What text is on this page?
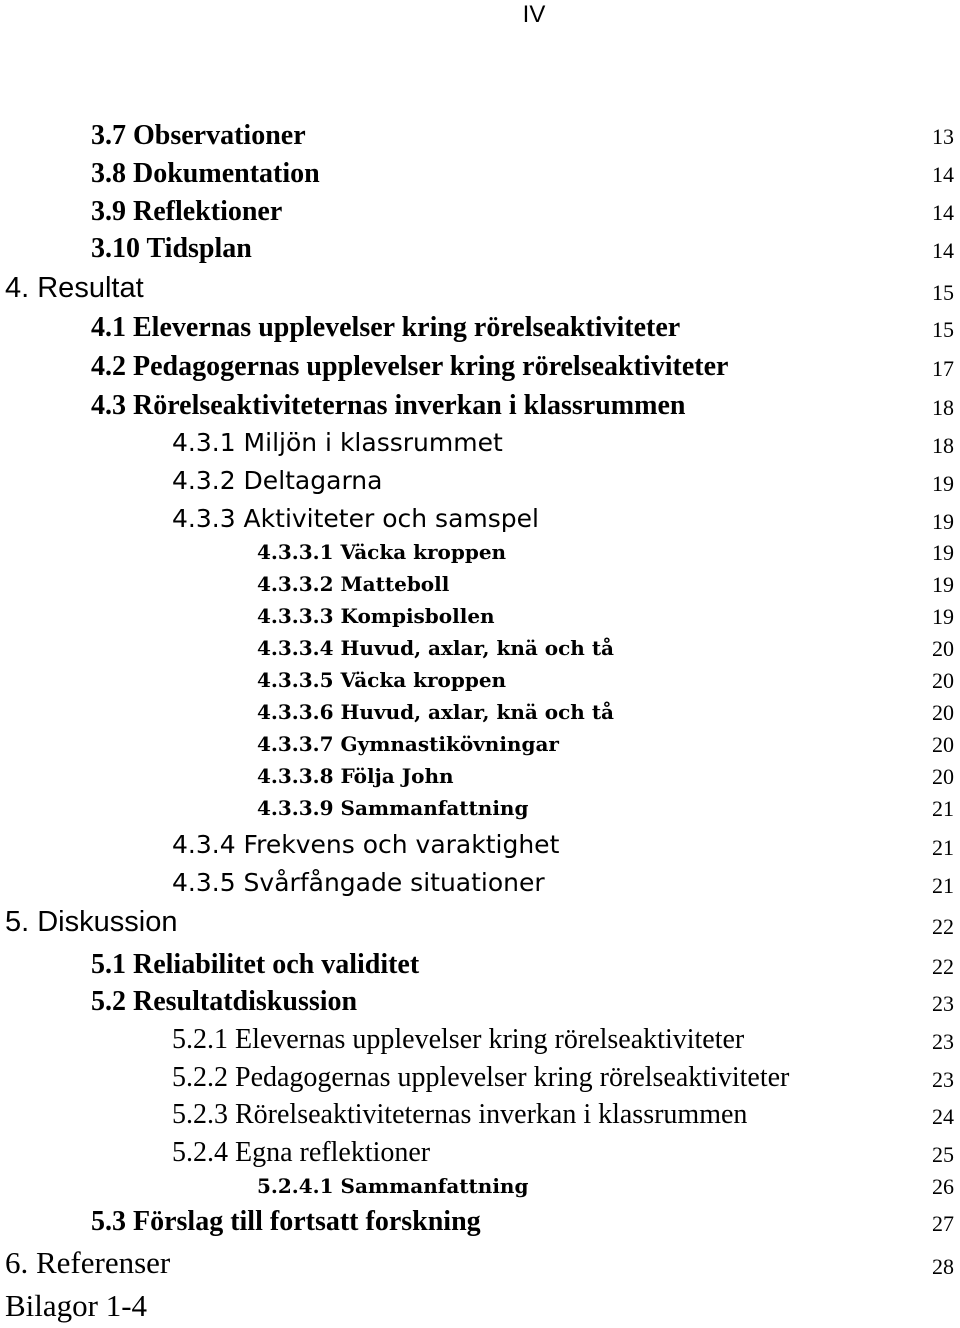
IV
3.7 Observationer	13
3.8 Dokumentation	14
3.9 Reflektioner	14
3.10 Tidsplan	14
4. Resultat	15
4.1 Elevernas upplevelser kring rörelseaktiviteter	15
4.2 Pedagogernas upplevelser kring rörelseaktiviteter	17
4.3 Rörelseaktiviteternas inverkan i klassrummen	18
4.3.1 Miljön i klassrummet	18
4.3.2 Deltagarna	19
4.3.3 Aktiviteter och samspel	19
4.3.3.1 Väcka kroppen	19
4.3.3.2 Matteboll	19
4.3.3.3 Kompisbollen	19
4.3.3.4 Huvud, axlar, knä och tå	20
4.3.3.5 Väcka kroppen	20
4.3.3.6 Huvud, axlar, knä och tå	20
4.3.3.7 Gymnastikövningar	20
4.3.3.8 Följa John	20
4.3.3.9 Sammanfattning	21
4.3.4 Frekvens och varaktighet	21
4.3.5 Svårfångade situationer	21
5. Diskussion	22
5.1 Reliabilitet och validitet	22
5.2 Resultatdiskussion	23
5.2.1 Elevernas upplevelser kring rörelseaktiviteter	23
5.2.2 Pedagogernas upplevelser kring rörelseaktiviteter	23
5.2.3 Rörelseaktiviteternas inverkan i klassrummen	24
5.2.4 Egna reflektioner	25
5.2.4.1 Sammanfattning	26
5.3 Förslag till fortsatt forskning	27
6. Referenser	28
Bilagor 1-4
